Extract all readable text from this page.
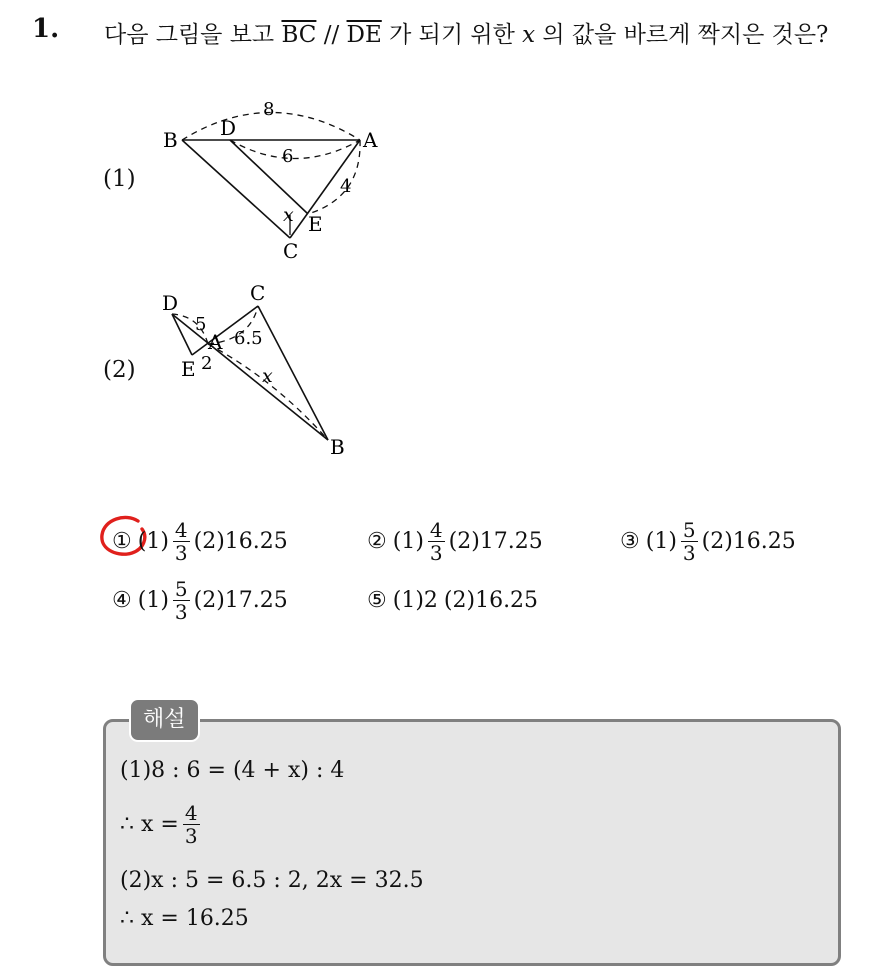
1. 다음 그림을 보고 $\overline{BC} // \overline{DE}$ 가 되기 위한 x 의 값을 바르게 짝지은 것은?
(1)
B D	A
E
C
8
6
4
x
(2)
D	C
A
E
B
5
2
6.5
x
① $(1) \frac{4}{3} (2)16.25$	② $(1) \frac{4}{3} (2)17.25$	③ $(1) \frac{5}{3} (2)16.25$
④ $(1) \frac{5}{3} (2)17.25$	⑤ (1)2 (2)16.25
해설
(1)8 : 6 = (4 + x) : 4
∴ $x = \frac{4}{3}$
(2)x : 5 = 6.5 : 2, 2x = 32.5
∴ x = 16.25
